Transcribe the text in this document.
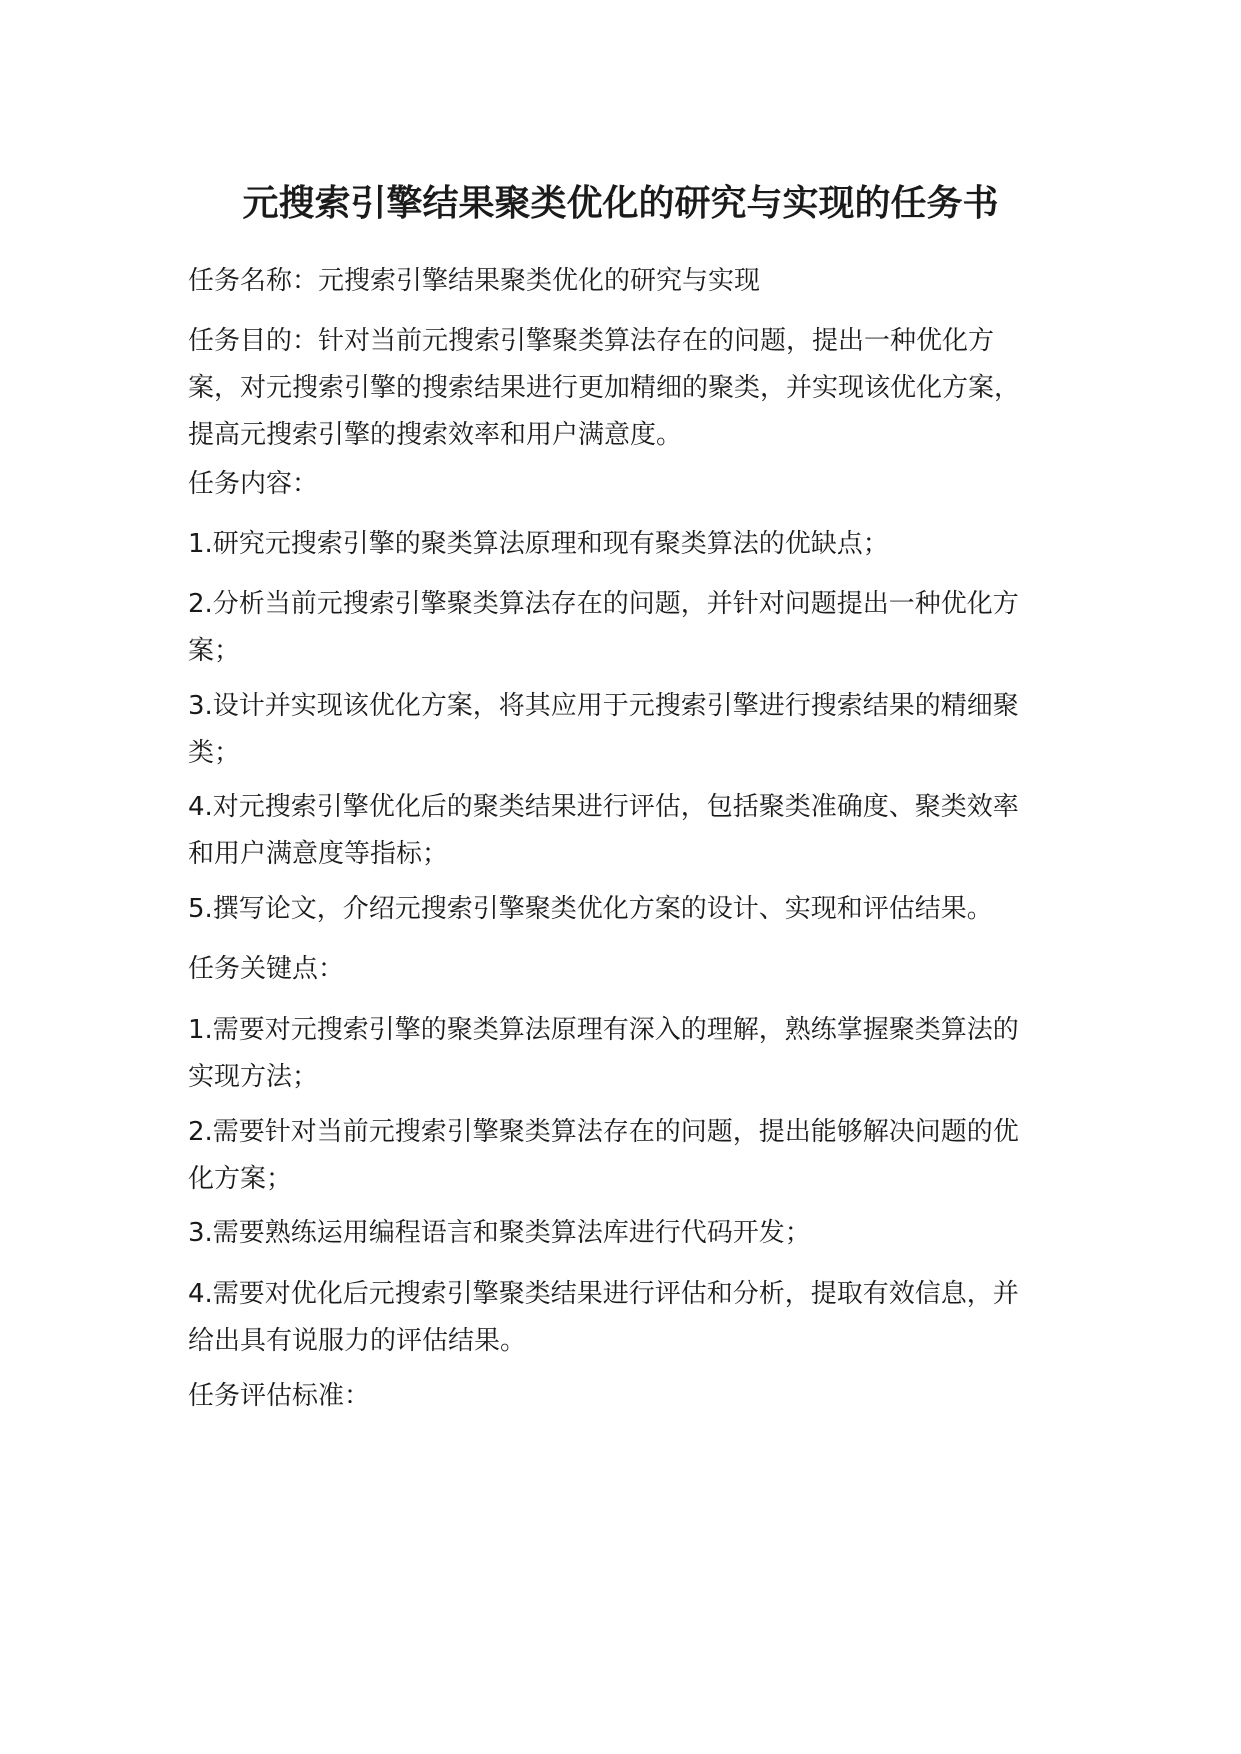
元搜索引擎结果聚类优化的研究与实现的任务书

任务名称：元搜索引擎结果聚类优化的研究与实现

任务目的：针对当前元搜索引擎聚类算法存在的问题，提出一种优化方
案，对元搜索引擎的搜索结果进行更加精细的聚类，并实现该优化方案，
提高元搜索引擎的搜索效率和用户满意度。

任务内容：

1.研究元搜索引擎的聚类算法原理和现有聚类算法的优缺点；

2.分析当前元搜索引擎聚类算法存在的问题，并针对问题提出一种优化方
案；

3.设计并实现该优化方案，将其应用于元搜索引擎进行搜索结果的精细聚
类；

4.对元搜索引擎优化后的聚类结果进行评估，包括聚类准确度、聚类效率
和用户满意度等指标；

5.撰写论文，介绍元搜索引擎聚类优化方案的设计、实现和评估结果。

任务关键点：

1.需要对元搜索引擎的聚类算法原理有深入的理解，熟练掌握聚类算法的
实现方法；

2.需要针对当前元搜索引擎聚类算法存在的问题，提出能够解决问题的优
化方案；

3.需要熟练运用编程语言和聚类算法库进行代码开发；

4.需要对优化后元搜索引擎聚类结果进行评估和分析，提取有效信息，并
给出具有说服力的评估结果。

任务评估标准：
